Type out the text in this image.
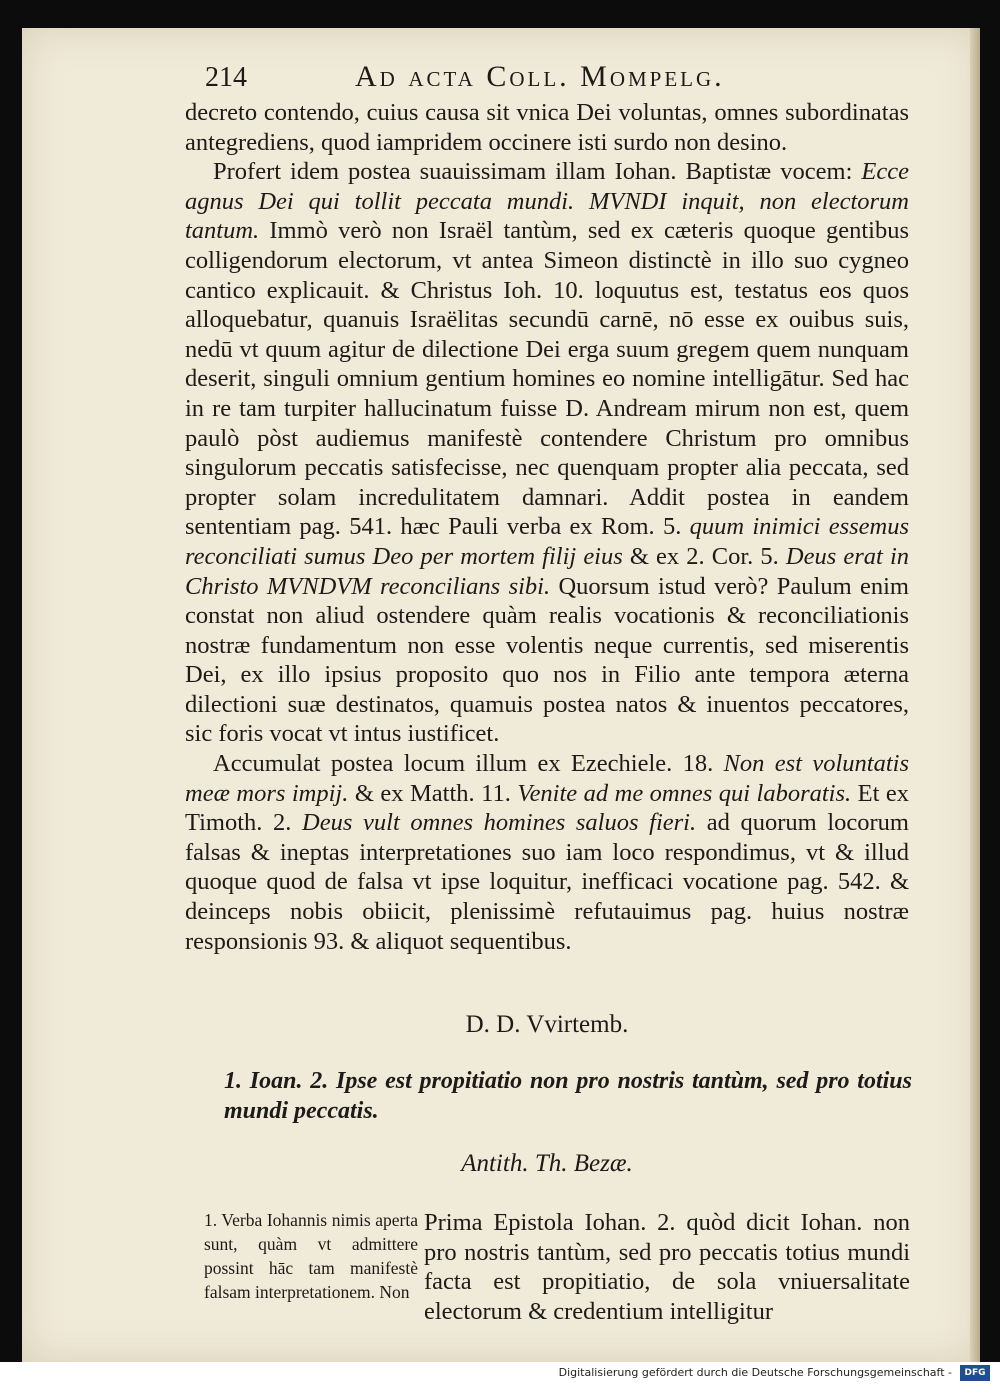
214	Ad acta Coll. Mompelg.

decreto contendo, cuius causa sit vnica Dei voluntas, omnes subordinatas antegrediens, quod iampridem occinere isti surdo non desino.

Profert idem postea suauissimam illam Iohan. Baptistæ vocem: Ecce agnus Dei qui tollit peccata mundi. MVNDI inquit, non electorum tantum. Immò verò non Israël tantùm, sed ex cæteris quoque gentibus colligendorum electorum, vt antea Simeon distinctè in illo suo cygneo cantico explicauit. & Christus Ioh. 10. loquutus est, testatus eos quos alloquebatur, quanuis Israëlitas secundū carnē, nō esse ex ouibus suis, nedū vt quum agitur de dilectione Dei erga suum gregem quem nunquam deserit, singuli omnium gentium homines eo nomine intelligātur. Sed hac in re tam turpiter hallucinatum fuisse D. Andream mirum non est, quem paulò pòst audiemus manifestè contendere Christum pro omnibus singulorum peccatis satisfecisse, nec quenquam propter alia peccata, sed propter solam incredulitatem damnari. Addit postea in eandem sententiam pag. 541. hæc Pauli verba ex Rom. 5. quum inimici essemus reconciliati sumus Deo per mortem filij eius & ex 2. Cor. 5. Deus erat in Christo MVNDVM reconcilians sibi. Quorsum istud verò? Paulum enim constat non aliud ostendere quàm realis vocationis & reconciliationis nostræ fundamentum non esse volentis neque currentis, sed miserentis Dei, ex illo ipsius proposito quo nos in Filio ante tempora æterna dilectioni suæ destinatos, quamuis postea natos & inuentos peccatores, sic foris vocat vt intus iustificet.

Accumulat postea locum illum ex Ezechiele. 18. Non est voluntatis meæ mors impij. & ex Matth. 11. Venite ad me omnes qui laboratis. Et ex Timoth. 2. Deus vult omnes homines saluos fieri. ad quorum locorum falsas & ineptas interpretationes suo iam loco respondimus, vt & illud quoque quod de falsa vt ipse loquitur, inefficaci vocatione pag. 542. & deinceps nobis obiicit, plenissimè refutauimus pag. huius nostræ responsionis 93. & aliquot sequentibus.

D. D. Vvirtemb.
1. Ioan. 2. Ipse est propitiatio non pro nostris tantùm, sed pro totius mundi peccatis.
Antith. Th. Bezæ.
1. Verba Iohannis nimis aperta sunt, quàm vt admittere possint hāc tam manifestè falsam interpretationem. Non
Prima Epistola Iohan. 2. quòd dicit Iohan. non pro nostris tantùm, sed pro peccatis totius mundi facta est propitiatio, de sola vniuersalitate electorum & credentium intelligitur
Digitalisierung gefördert durch die Deutsche Forschungsgemeinschaft -	DFG
